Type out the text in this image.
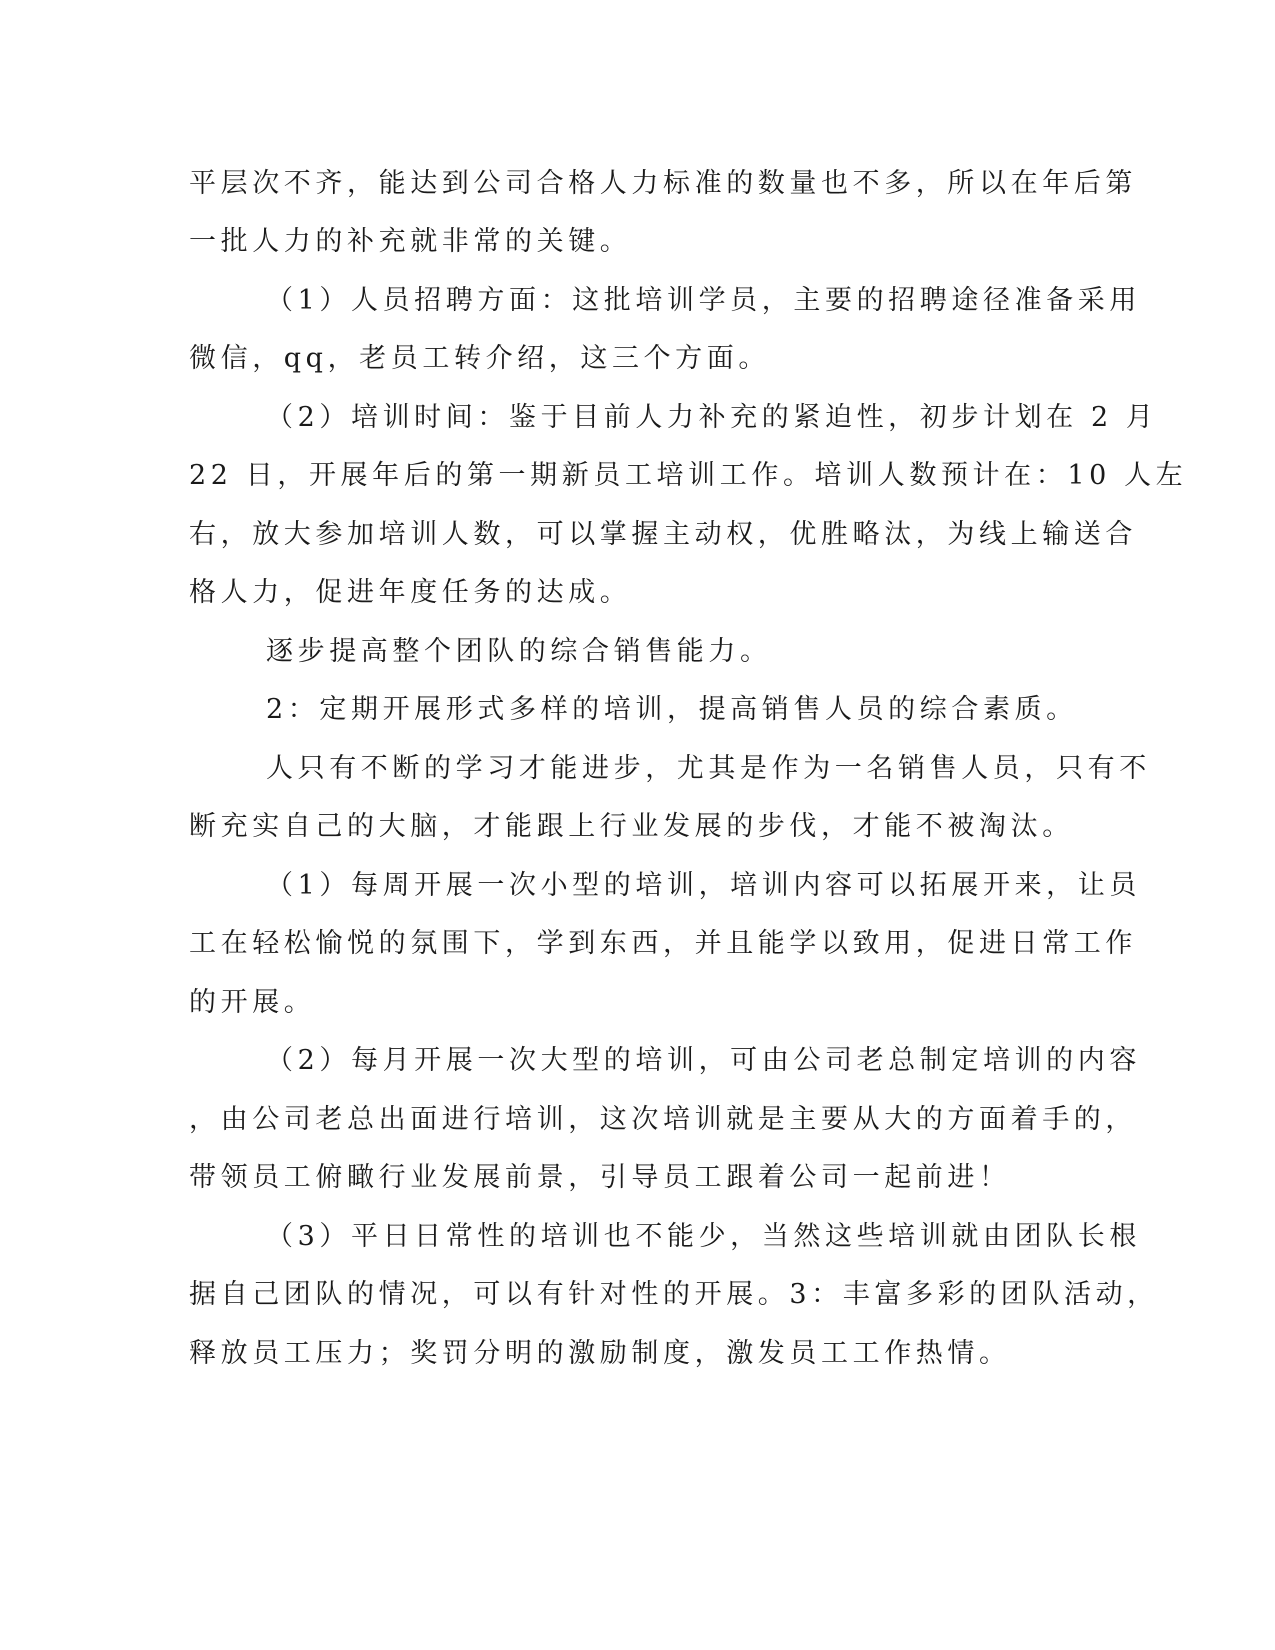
平层次不齐，能达到公司合格人力标准的数量也不多，所以在年后第
一批人力的补充就非常的关键。
（1）人员招聘方面：这批培训学员，主要的招聘途径准备采用
微信，qq，老员工转介绍，这三个方面。
（2）培训时间：鉴于目前人力补充的紧迫性，初步计划在 2 月
22 日，开展年后的第一期新员工培训工作。培训人数预计在：10 人左
右，放大参加培训人数，可以掌握主动权，优胜略汰，为线上输送合
格人力，促进年度任务的达成。
逐步提高整个团队的综合销售能力。
2：定期开展形式多样的培训，提高销售人员的综合素质。
人只有不断的学习才能进步，尤其是作为一名销售人员，只有不
断充实自己的大脑，才能跟上行业发展的步伐，才能不被淘汰。
（1）每周开展一次小型的培训，培训内容可以拓展开来，让员
工在轻松愉悦的氛围下，学到东西，并且能学以致用，促进日常工作
的开展。
（2）每月开展一次大型的培训，可由公司老总制定培训的内容
，由公司老总出面进行培训，这次培训就是主要从大的方面着手的，
带领员工俯瞰行业发展前景，引导员工跟着公司一起前进！
（3）平日日常性的培训也不能少，当然这些培训就由团队长根
据自己团队的情况，可以有针对性的开展。3：丰富多彩的团队活动，
释放员工压力；奖罚分明的激励制度，激发员工工作热情。
